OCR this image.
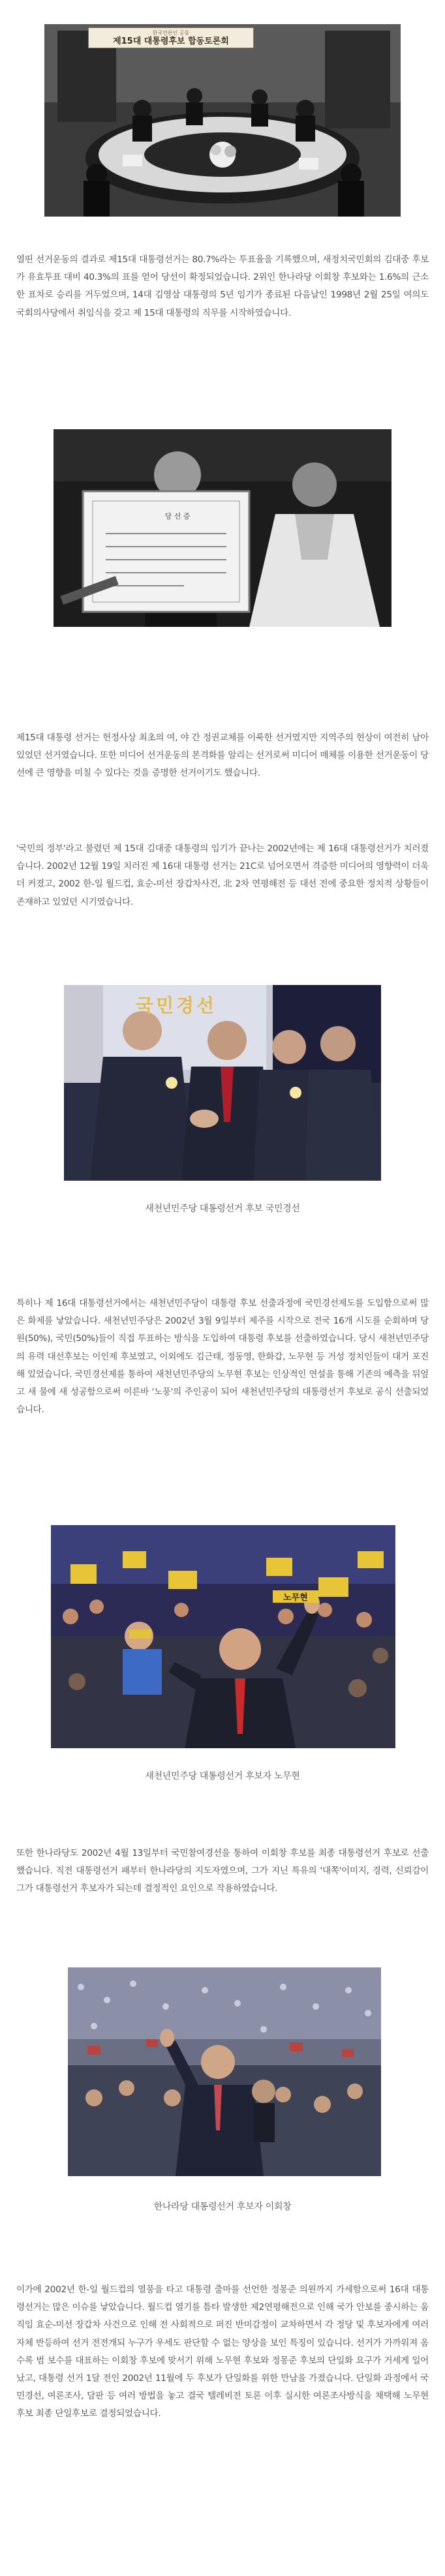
한국언론인 공동
제15대 대통령후보 합동토론회

열띤 선거운동의 결과로 제15대 대통령선거는 80.7%라는 투표율을 기록했으며, 새정치국민회의 김대중 후보가 유효투표 대비 40.3%의 표를 얻어 당선이 확정되었습니다. 2위인 한나라당 이회창 후보와는 1.6%의 근소한 표차로 승리를 거두었으며, 14대 김영삼 대통령의 5년 임기가 종료된 다음날인 1998년 2월 25일 여의도 국회의사당에서 취임식을 갖고 제 15대 대통령의 직무를 시작하였습니다.

당 선 증

제15대 대통령 선거는 헌정사상 최초의 여, 야 간 정권교체를 이룩한 선거였지만 지역주의 현상이 여전히 남아있었던 선거였습니다. 또한 미디어 선거운동의 본격화를 알리는 선거로써 미디어 매체를 이용한 선거운동이 당선에 큰 영향을 미칠 수 있다는 것을 증명한 선거이기도 했습니다.

'국민의 정부'라고 불렸던 제 15대 김대중 대통령의 임기가 끝나는 2002년에는 제 16대 대통령선거가 치러졌습니다. 2002년 12월 19일 치러진 제 16대 대통령 선거는 21C로 넘어오면서 격증한 미디어의 영향력이 더욱더 커졌고, 2002 한-일 월드컵, 효순-미선 장갑차사건, 北 2차 연평해전 등 대선 전에 중요한 정치적 상황들이 존재하고 있었던 시기였습니다.

국민경선

새천년민주당 대통령선거 후보 국민경선

특히나 제 16대 대통령선거에서는 새천년민주당이 대통령 후보 선출과정에 국민경선제도를 도입함으로써 많은 화제를 낳았습니다. 새천년민주당은 2002년 3월 9일부터 제주를 시작으로 전국 16개 시도를 순회하며 당원(50%), 국민(50%)들이 직접 투표하는 방식을 도입하여 대통령 후보를 선출하였습니다. 당시 새천년민주당의 유력 대선후보는 이인제 후보였고, 이외에도 김근태, 정동영, 한화갑, 노무현 등 거성 정치인들이 대거 포진해 있었습니다. 국민경선제를 통하여 새천년민주당의 노무현 후보는 인상적인 연설을 통해 기존의 예측을 뒤엎고 새 물에 새 성공함으로써 이른바 '노풍'의 주인공이 되어 새천년민주당의 대통령선거 후보로 공식 선출되었습니다.

노무현

새천년민주당 대통령선거 후보자 노무현

또한 한나라당도 2002년 4월 13일부터 국민참여경선을 통하여 이회창 후보를 최종 대통령선거 후보로 선출했습니다. 직전 대통령선거 패부터 한나라당의 지도자였으며, 그가 지닌 특유의 '대쪽'이미지, 경력, 신뢰감이 그가 대통령선거 후보자가 되는데 결정적인 요인으로 작용하였습니다.

한나라당 대통령선거 후보자 이회창

이가에 2002년 한-일 월드컵의 열풍을 타고 대통령 출마를 선언한 정몽준 의원까지 가세함으로써 16대 대통령선거는 많은 이슈를 낳았습니다. 월드컵 열기를 틈타 발생한 제2연평해전으로 인해 국가 안보를 중시하는 움직임 효순-미선 장갑차 사건으로 인해 전 사회적으로 퍼진 반미감정이 교차하면서 각 정당 및 후보자에게 여러 자체 반등하여 선거 전전개되 누구가 우세도 판단할 수 없는 양상을 보인 특징이 있습니다. 선거가 가까워져 옴수록 범 보수를 대표하는 이회창 후보에 맞서기 위해 노무현 후보와 정몽준 후보의 단일화 요구가 거세게 일어났고, 대통령 선거 1달 전인 2002년 11월에 두 후보가 단일화를 위한 만남을 가졌습니다. 단일화 과정에서 국민경선, 여론조사, 담판 등 여러 방법을 놓고 결국 텔레비전 토론 이후 실시한 여론조사방식을 채택해 노무현 후보 최종 단일후보로 결정되었습니다.
